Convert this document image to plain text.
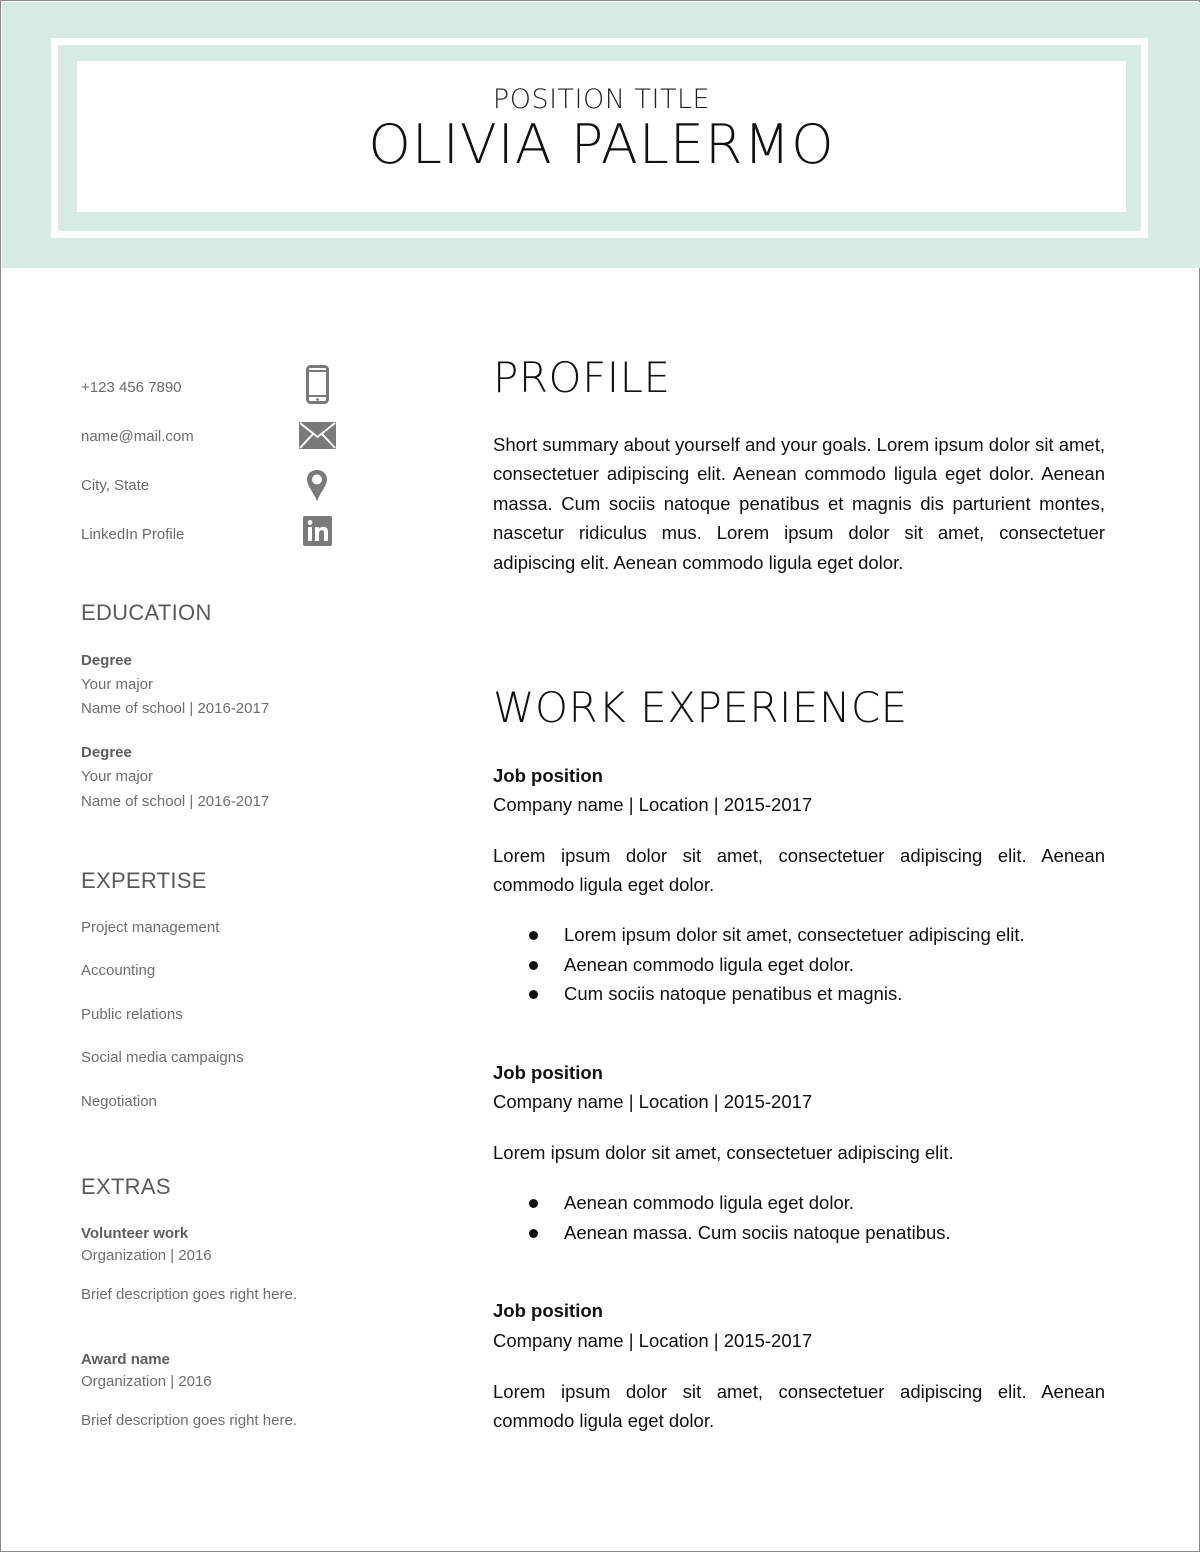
POSITION TITLE
OLIVIA PALERMO
+123 456 7890
name@mail.com
City, State
LinkedIn Profile
EDUCATION
Degree
Your major
Name of school | 2016-2017
Degree
Your major
Name of school | 2016-2017
EXPERTISE
Project management
Accounting
Public relations
Social media campaigns
Negotiation
EXTRAS
Volunteer work
Organization | 2016
Brief description goes right here.
Award name
Organization | 2016
Brief description goes right here.
PROFILE
Short summary about yourself and your goals. Lorem ipsum dolor sit amet, consectetuer adipiscing elit. Aenean commodo ligula eget dolor. Aenean massa. Cum sociis natoque penatibus et magnis dis parturient montes, nascetur ridiculus mus. Lorem ipsum dolor sit amet, consectetuer adipiscing elit. Aenean commodo ligula eget dolor.
WORK EXPERIENCE
Job position
Company name | Location | 2015-2017
Lorem ipsum dolor sit amet, consectetuer adipiscing elit. Aenean commodo ligula eget dolor.
Lorem ipsum dolor sit amet, consectetuer adipiscing elit.
Aenean commodo ligula eget dolor.
Cum sociis natoque penatibus et magnis.
Job position
Company name | Location | 2015-2017
Lorem ipsum dolor sit amet, consectetuer adipiscing elit.
Aenean commodo ligula eget dolor.
Aenean massa. Cum sociis natoque penatibus.
Job position
Company name | Location | 2015-2017
Lorem ipsum dolor sit amet, consectetuer adipiscing elit. Aenean commodo ligula eget dolor.
